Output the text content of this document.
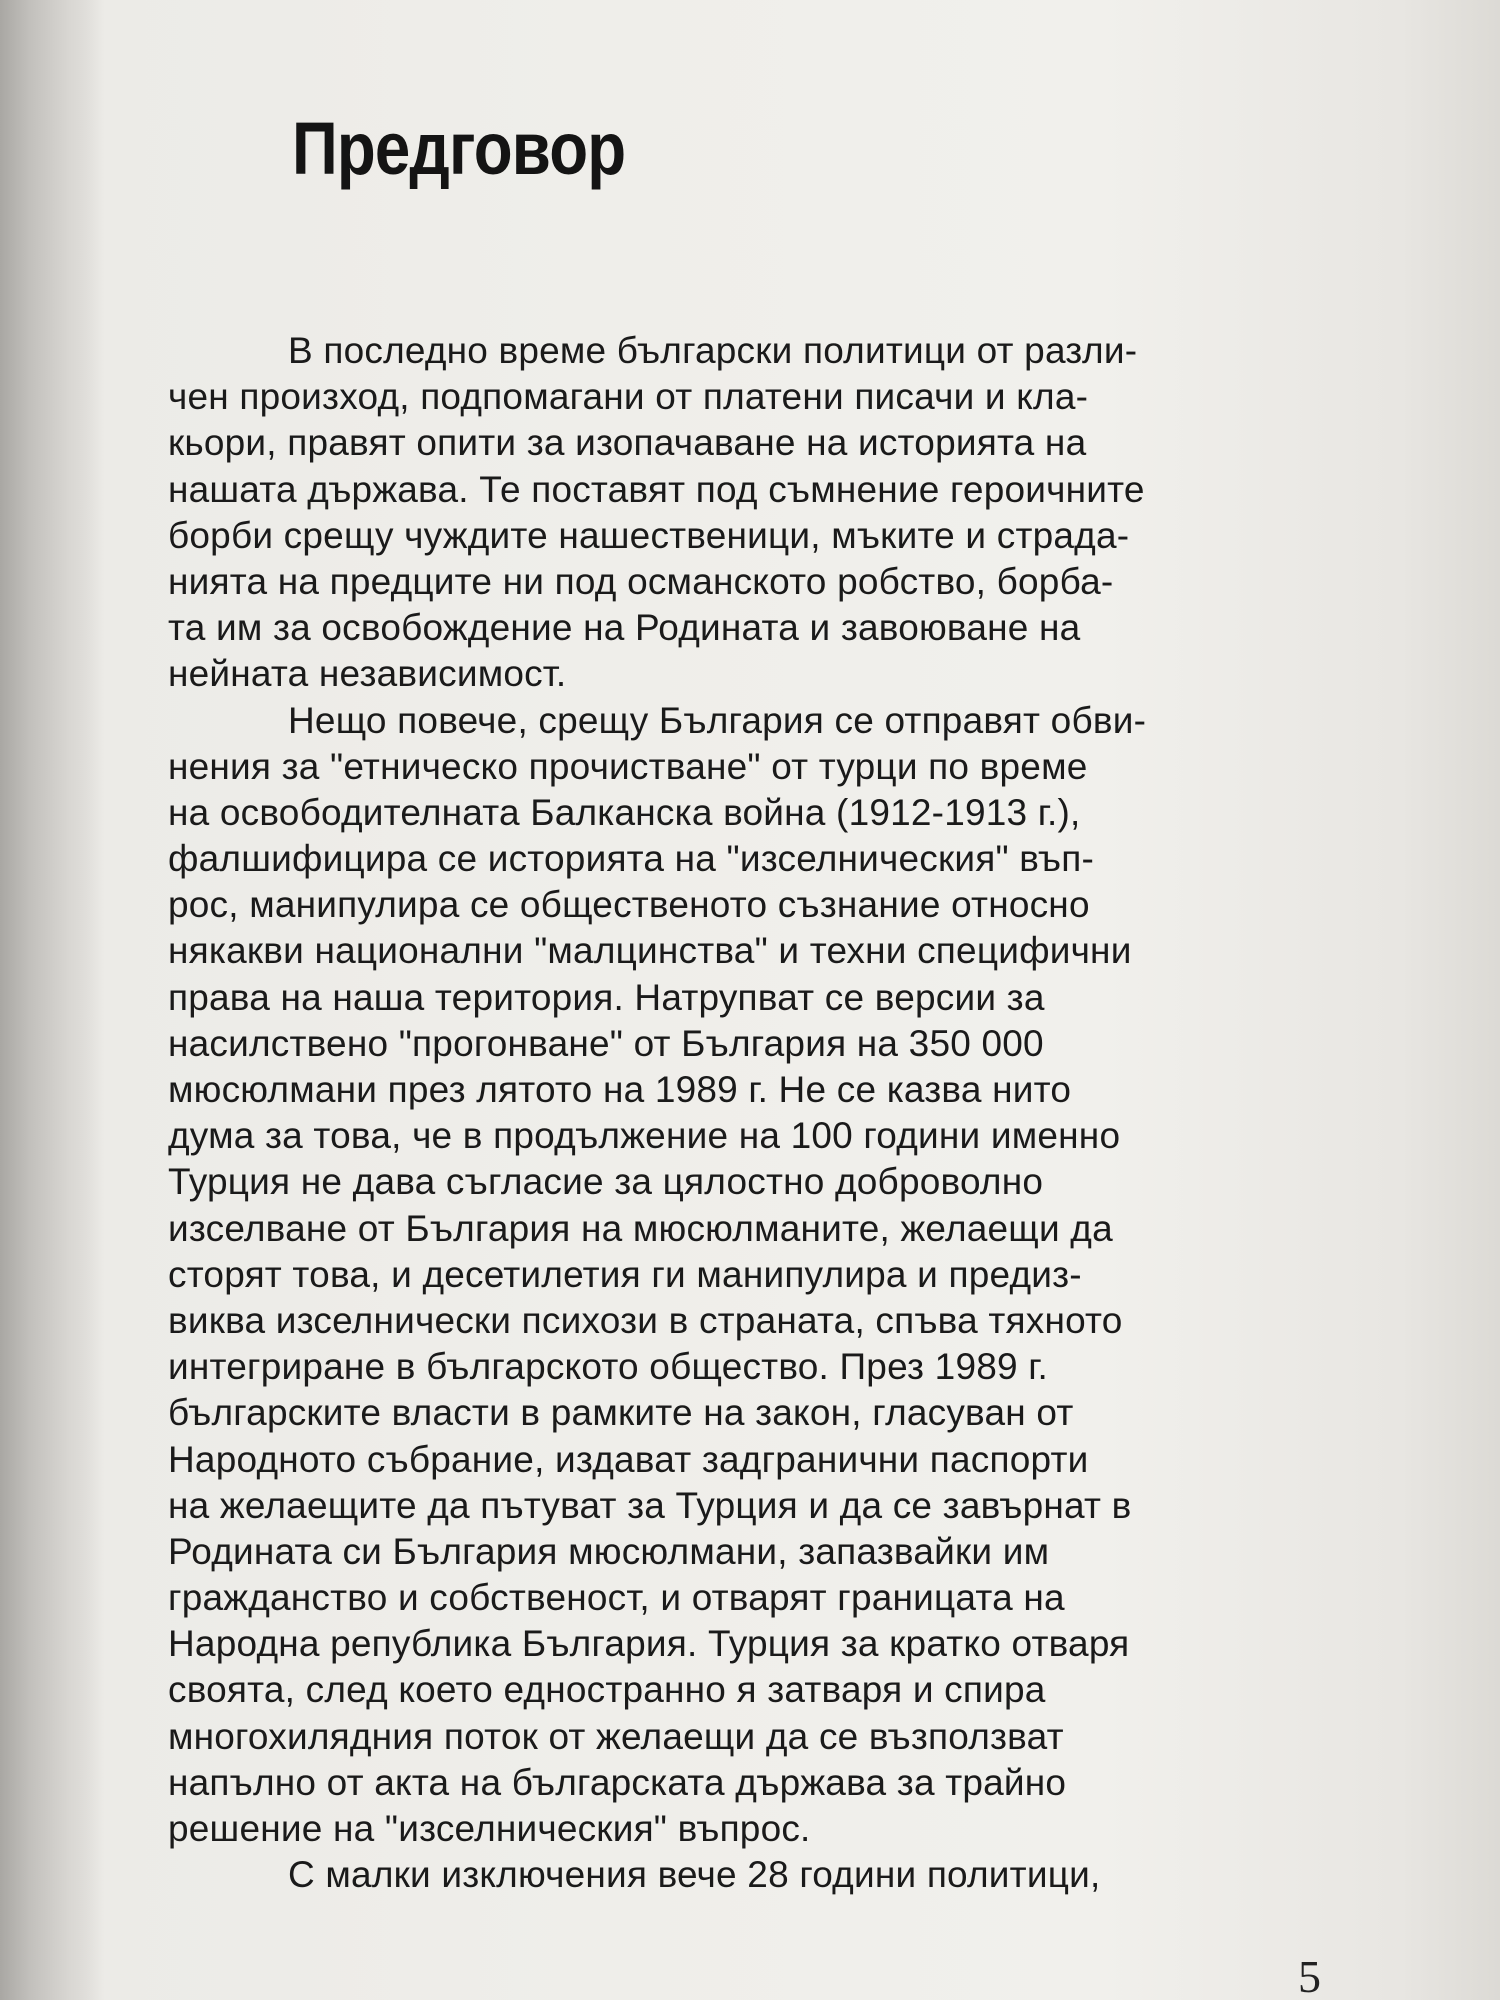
Предговор
В последно време български политици от разли-
чен произход, подпомагани от платени писачи и кла-
кьори, правят опити за изопачаване на историята на
нашата държава. Те поставят под съмнение героичните
борби срещу чуждите нашественици, мъките и страда-
нията на предците ни под османското робство, борба-
та им за освобождение на Родината и завоюване на
нейната независимост.
Нещо повече, срещу България се отправят обви-
нения за "етническо прочистване" от турци по време
на освободителната Балканска война (1912-1913 г.),
фалшифицира се историята на "изселническия" въп-
рос, манипулира се общественото съзнание относно
някакви национални "малцинства" и техни специфични
права на наша територия. Натрупват се версии за
насилствено "прогонване" от България на 350 000
мюсюлмани през лятото на 1989 г. Не се казва нито
дума за това, че в продължение на 100 години именно
Турция не дава съгласие за цялостно доброволно
изселване от България на мюсюлманите, желаещи да
сторят това, и десетилетия ги манипулира и предиз-
виква изселнически психози в страната, спъва тяхното
интегриране в българското общество. През 1989 г.
българските власти в рамките на закон, гласуван от
Народното събрание, издават задгранични паспорти
на желаещите да пътуват за Турция и да се завърнат в
Родината си България мюсюлмани, запазвайки им
гражданство и собственост, и отварят границата на
Народна република България. Турция за кратко отваря
своята, след което едностранно я затваря и спира
многохилядния поток от желаещи да се възползват
напълно от акта на българската държава за трайно
решение на "изселническия" въпрос.
С малки изключения вече 28 години политици,
5
